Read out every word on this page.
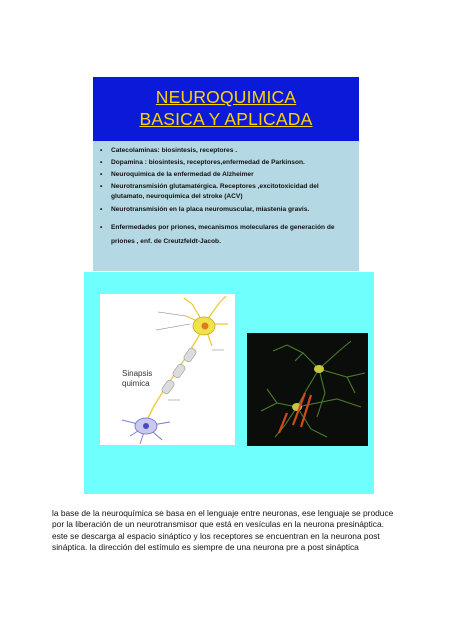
NEUROQUIMICA
BASICA Y APLICADA
• Catecolaminas: biosintesis, receptores .
• Dopamina : biosintesis, receptores,enfermedad de Parkinson.
• Neuroquimica de la enfermedad de Alzheimer
• Neurotransmisión glutamatérgica. Receptores ,excitotoxicidad del glutamato, neuroquimica del stroke (ACV)
• Neurotransmisión en la placa neuromuscular, miastenia gravis.
• Enfermedades por priones, mecanismos moleculares de generación de priones , enf. de Creutzfeldt-Jacob.
Sinapsis
quimica
la base de la neuroquímica se basa en el lenguaje entre neuronas, ese lenguaje se produce por la liberación de un neurotransmisor que está en vesículas en la neurona presináptica. este se descarga al espacio sináptico y los receptores se encuentran en la neurona post sináptica. la dirección del estímulo es siempre de una neurona pre a post sináptica
